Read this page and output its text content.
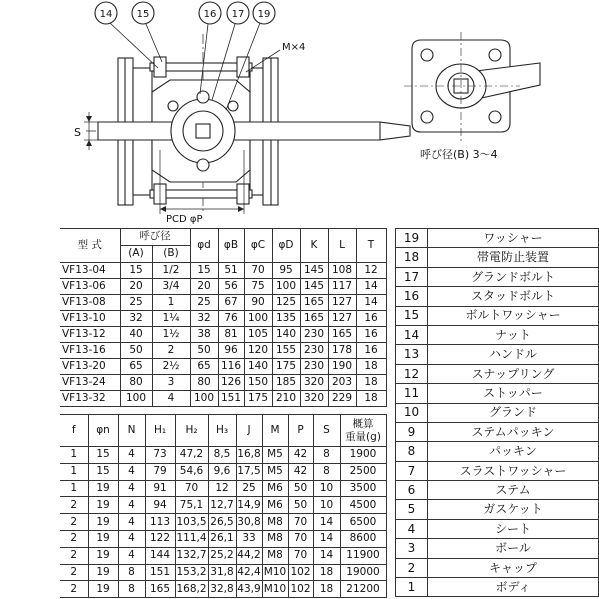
S
PCD φP
14 15	16 17 19
M×4
呼び径(B) 3～4
型 式	呼び径		φd	φB	φC	φD	K	L	T
	(A)	(B)							
VF13-04	15	1/2	15	51	70	95	145	108	12
VF13-06	20	3/4	20	56	75	100	145	117	14
VF13-08	25	1	25	67	90	125	165	127	14
VF13-10	32	1¼	32	76	100	135	165	127	16
VF13-12	40	1½	38	81	105	140	230	165	16
VF13-16	50	2	50	96	120	155	230	178	16
VF13-20	65	2½	65	116	140	175	230	190	18
VF13-24	80	3	80	126	150	185	320	203	18
VF13-32	100	4	100	151	175	210	320	229	18
f	φn	N	H₁	H₂	H₃	J	M	P	S	概算
重量(g)

1	15	4	73	47,2	8,5	16,8	M5	42	8	1900
1	15	4	79	54,6	9,6	17,5	M5	42	8	2500
1	19	4	91	70	12	25	M6	50	10	3500
2	19	4	94	75,1	12,7	14,9	M6	50	10	4500
2	19	4	113	103,5	26,5	30,8	M8	70	14	6500
2	19	4	122	111,4	26,1	33	M8	70	14	8600
2	19	4	144	132,7	25,2	44,2	M8	70	14	11900
2	19	8	151	153,2	31,8	42,4	M10	102	18	19000
2	19	8	165	168,2	32,8	43,9	M10	102	18	21200
19	ワッシャー
18	帯電防止装置
17	グランドボルト
16	スタッドボルト
15	ボルトワッシャー
14	ナット
13	ハンドル
12	スナップリング
11	ストッパー
10	グランド
9	ステムパッキン
8	パッキン
7	スラストワッシャー
6	ステム
5	ガスケット
4	シート
3	ボール
2	キャップ
1	ボディ
